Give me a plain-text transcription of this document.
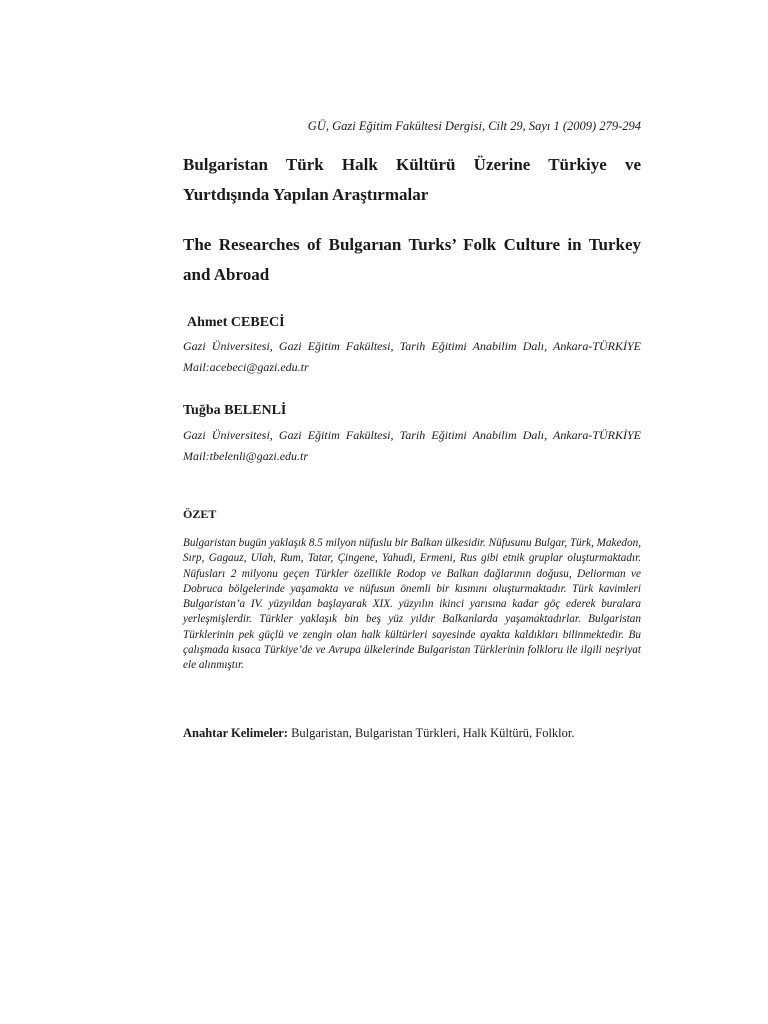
GÜ, Gazi Eğitim Fakültesi Dergisi, Cilt 29, Sayı 1 (2009) 279-294
Bulgaristan Türk Halk Kültürü Üzerine Türkiye ve Yurtdışında Yapılan Araştırmalar
The Researches of Bulgarıan Turks’ Folk Culture in Turkey and Abroad
Ahmet CEBECİ
Gazi Üniversitesi, Gazi Eğitim Fakültesi, Tarih Eğitimi Anabilim Dalı, Ankara-TÜRKİYE Mail:acebeci@gazi.edu.tr
Tuğba BELENLİ
Gazi Üniversitesi, Gazi Eğitim Fakültesi, Tarih Eğitimi Anabilim Dalı, Ankara-TÜRKİYE Mail:tbelenli@gazi.edu.tr
ÖZET
Bulgaristan bugün yaklaşık 8.5 milyon nüfuslu bir Balkan ülkesidir. Nüfusunu Bulgar, Türk, Makedon, Sırp, Gagauz, Ulah, Rum, Tatar, Çingene, Yahudi, Ermeni, Rus gibi etnik gruplar oluşturmaktadır. Nüfusları 2 milyonu geçen Türkler özellikle Rodop ve Balkan dağlarının doğusu, Deliorman ve Dobruca bölgelerinde yaşamakta ve nüfusun önemli bir kısmını oluşturmaktadır. Türk kavimleri Bulgaristan’a IV. yüzyıldan başlayarak XIX. yüzyılın ikinci yarısına kadar göç ederek buralara yerleşmişlerdir. Türkler yaklaşık bin beş yüz yıldır Balkanlarda yaşamaktadırlar. Bulgaristan Türklerinin pek güçlü ve zengin olan halk kültürleri sayesinde ayakta kaldıkları bilinmektedir. Bu çalışmada kısaca Türkiye’de ve Avrupa ülkelerinde Bulgaristan Türklerinin folkloru ile ilgili neşriyat ele alınmıştır.
Anahtar Kelimeler: Bulgaristan, Bulgaristan Türkleri, Halk Kültürü, Folklor.
